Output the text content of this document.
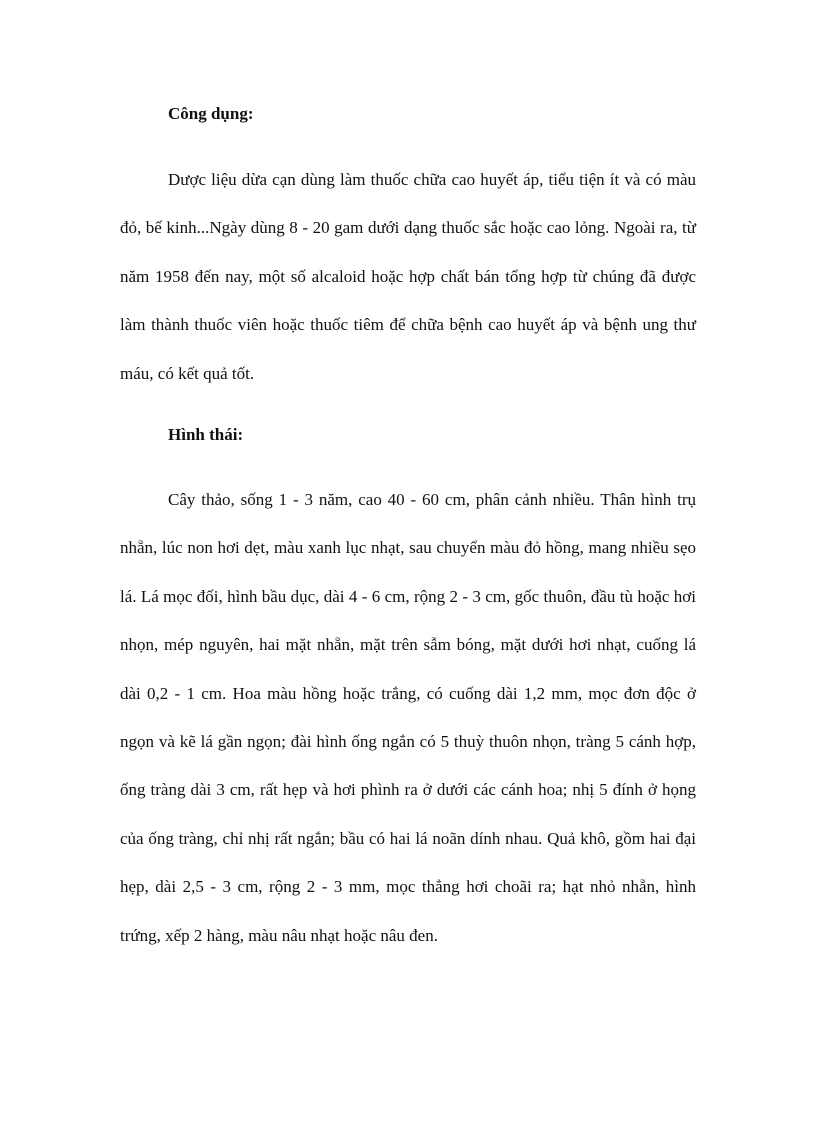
Công dụng:

Dược liệu dừa cạn dùng làm thuốc chữa cao huyết áp, tiểu tiện ít và có màu đỏ, bế kinh...Ngày dùng 8 - 20 gam dưới dạng thuốc sắc hoặc cao lỏng. Ngoài ra, từ năm 1958 đến nay, một số alcaloid hoặc hợp chất bán tổng hợp từ chúng đã được làm thành thuốc viên hoặc thuốc tiêm để chữa bệnh cao huyết áp và bệnh ung thư máu, có kết quả tốt.

Hình thái:

Cây thảo, sống 1 - 3 năm, cao 40 - 60 cm, phân cảnh nhiều. Thân hình trụ nhẵn, lúc non hơi dẹt, màu xanh lục nhạt, sau chuyển màu đỏ hồng, mang nhiều sẹo lá. Lá mọc đối, hình bầu dục, dài 4 - 6 cm, rộng 2 - 3 cm, gốc thuôn, đầu tù hoặc hơi nhọn, mép nguyên, hai mặt nhẵn, mặt trên sẫm bóng, mặt dưới hơi nhạt, cuống lá dài 0,2 - 1 cm. Hoa màu hồng hoặc trắng, có cuống dài 1,2 mm, mọc đơn độc ở ngọn và kẽ lá gần ngọn; đài hình ống ngắn có 5 thuỳ thuôn nhọn, tràng 5 cánh hợp, ống tràng dài 3 cm, rất hẹp và hơi phình ra ở dưới các cánh hoa; nhị 5 đính ở họng của ống tràng, chỉ nhị rất ngắn; bầu có hai lá noãn dính nhau. Quả khô, gồm hai đại hẹp, dài 2,5 - 3 cm, rộng 2 - 3 mm, mọc thẳng hơi choãi ra; hạt nhỏ nhẵn, hình trứng, xếp 2 hàng, màu nâu nhạt hoặc nâu đen.
